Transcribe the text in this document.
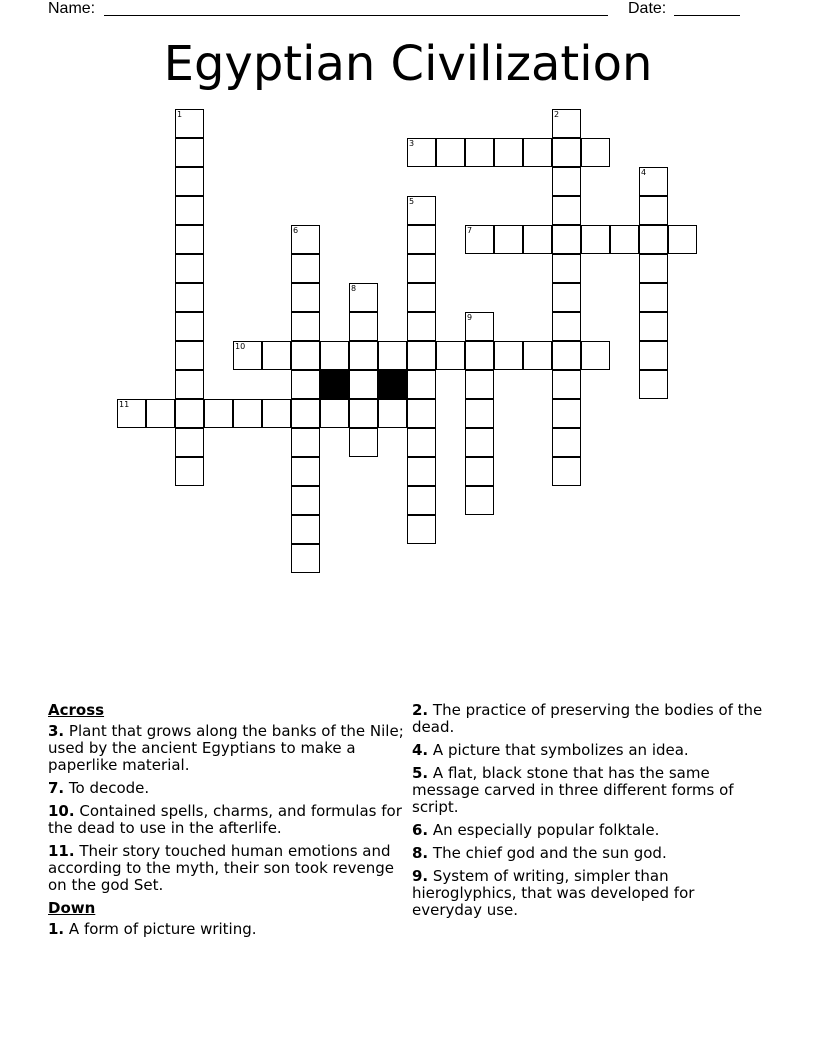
Name:	Date:
Egyptian Civilization
1	2
3
4
5
6	7
8
9
10
11
Across
3. Plant that grows along the banks of the Nile; used by the ancient Egyptians to make a paperlike material.
7. To decode.
10. Contained spells, charms, and formulas for the dead to use in the afterlife.
11. Their story touched human emotions and according to the myth, their son took revenge on the god Set.
Down
1. A form of picture writing.
2. The practice of preserving the bodies of the dead.
4. A picture that symbolizes an idea.
5. A flat, black stone that has the same message carved in three different forms of script.
6. An especially popular folktale.
8. The chief god and the sun god.
9. System of writing, simpler than hieroglyphics, that was developed for everyday use.
